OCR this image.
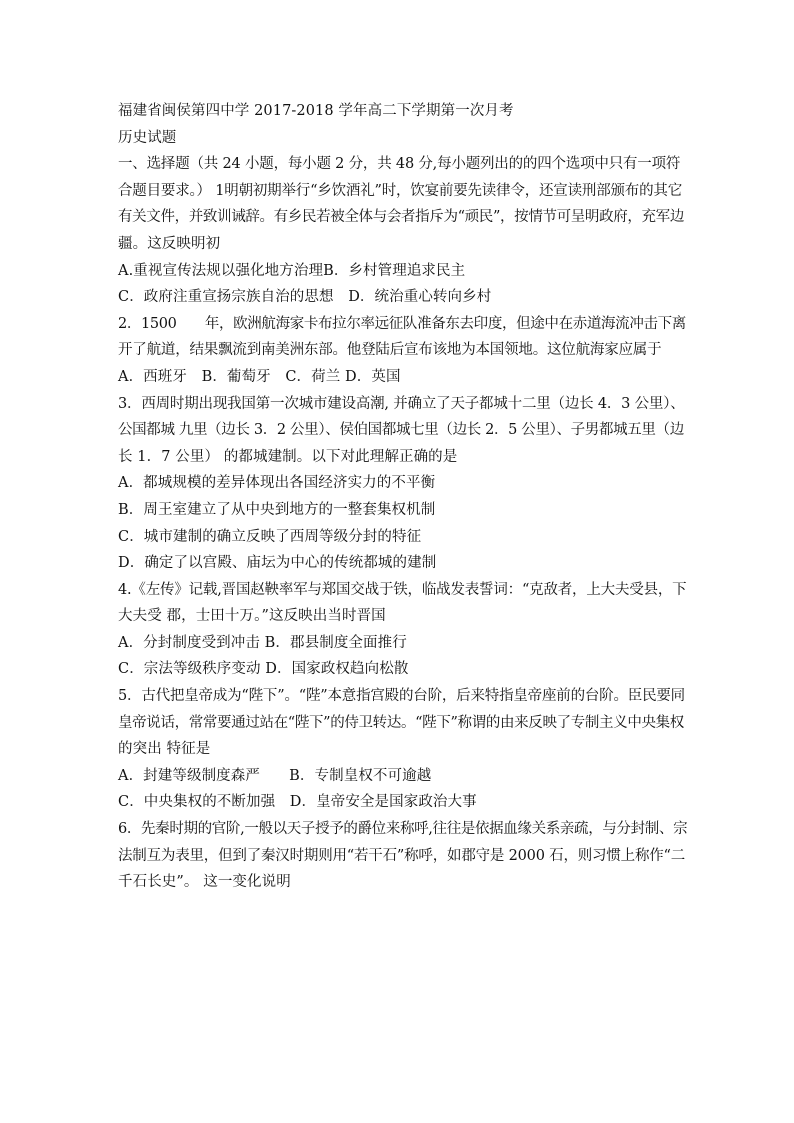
福建省闽侯第四中学 2017-2018 学年高二下学期第一次月考
历史试题
一、选择题（共 24 小题，每小题 2 分，共 48 分,每小题列出的的四个选项中只有一项符
合题目要求。） 1明朝初期举行“乡饮酒礼”时，饮宴前要先读律令，还宣读刑部颁布的其它
有关文件，并致训诫辞。有乡民若被全体与会者指斥为“顽民”，按情节可呈明政府，充军边
疆。这反映明初
A.重视宣传法规以强化地方治理B．乡村管理追求民主
C．政府注重宣扬宗族自治的思想　D．统治重心转向乡村
2．1500　　年，欧洲航海家卡布拉尔率远征队准备东去印度，但途中在赤道海流冲击下离
开了航道，结果飘流到南美洲东部。他登陆后宣布该地为本国领地。这位航海家应属于
A．西班牙　B．葡萄牙　C．荷兰 D．英国
3．西周时期出现我国第一次城市建设高潮, 并确立了天子都城十二里（边长 4．3 公里）、
公国都城 九里（边长 3．2 公里）、侯伯国都城七里（边长 2．5 公里）、子男都城五里（边
长 1．7 公里） 的都城建制。以下对此理解正确的是
A．都城规模的差异体现出各国经济实力的不平衡
B．周王室建立了从中央到地方的一整套集权机制
C．城市建制的确立反映了西周等级分封的特征
D．确定了以宫殿、庙坛为中心的传统都城的建制
4.《左传》记载,晋国赵鞅率军与郑国交战于铁，临战发表誓词：“克敌者，上大夫受县，下
大夫受 郡，士田十万。”这反映出当时晋国
A．分封制度受到冲击 B．郡县制度全面推行
C．宗法等级秩序变动 D．国家政权趋向松散
5．古代把皇帝成为“陛下”。“陛”本意指宫殿的台阶，后来特指皇帝座前的台阶。臣民要同
皇帝说话，常常要通过站在“陛下”的侍卫转达。“陛下”称谓的由来反映了专制主义中央集权
的突出 特征是
A．封建等级制度森严　　B．专制皇权不可逾越
C．中央集权的不断加强　D．皇帝安全是国家政治大事
6．先秦时期的官阶,一般以天子授予的爵位来称呼,往往是依据血缘关系亲疏，与分封制、宗
法制互为表里，但到了秦汉时期则用“若干石”称呼，如郡守是 2000 石，则习惯上称作“二
千石长史”。 这一变化说明
